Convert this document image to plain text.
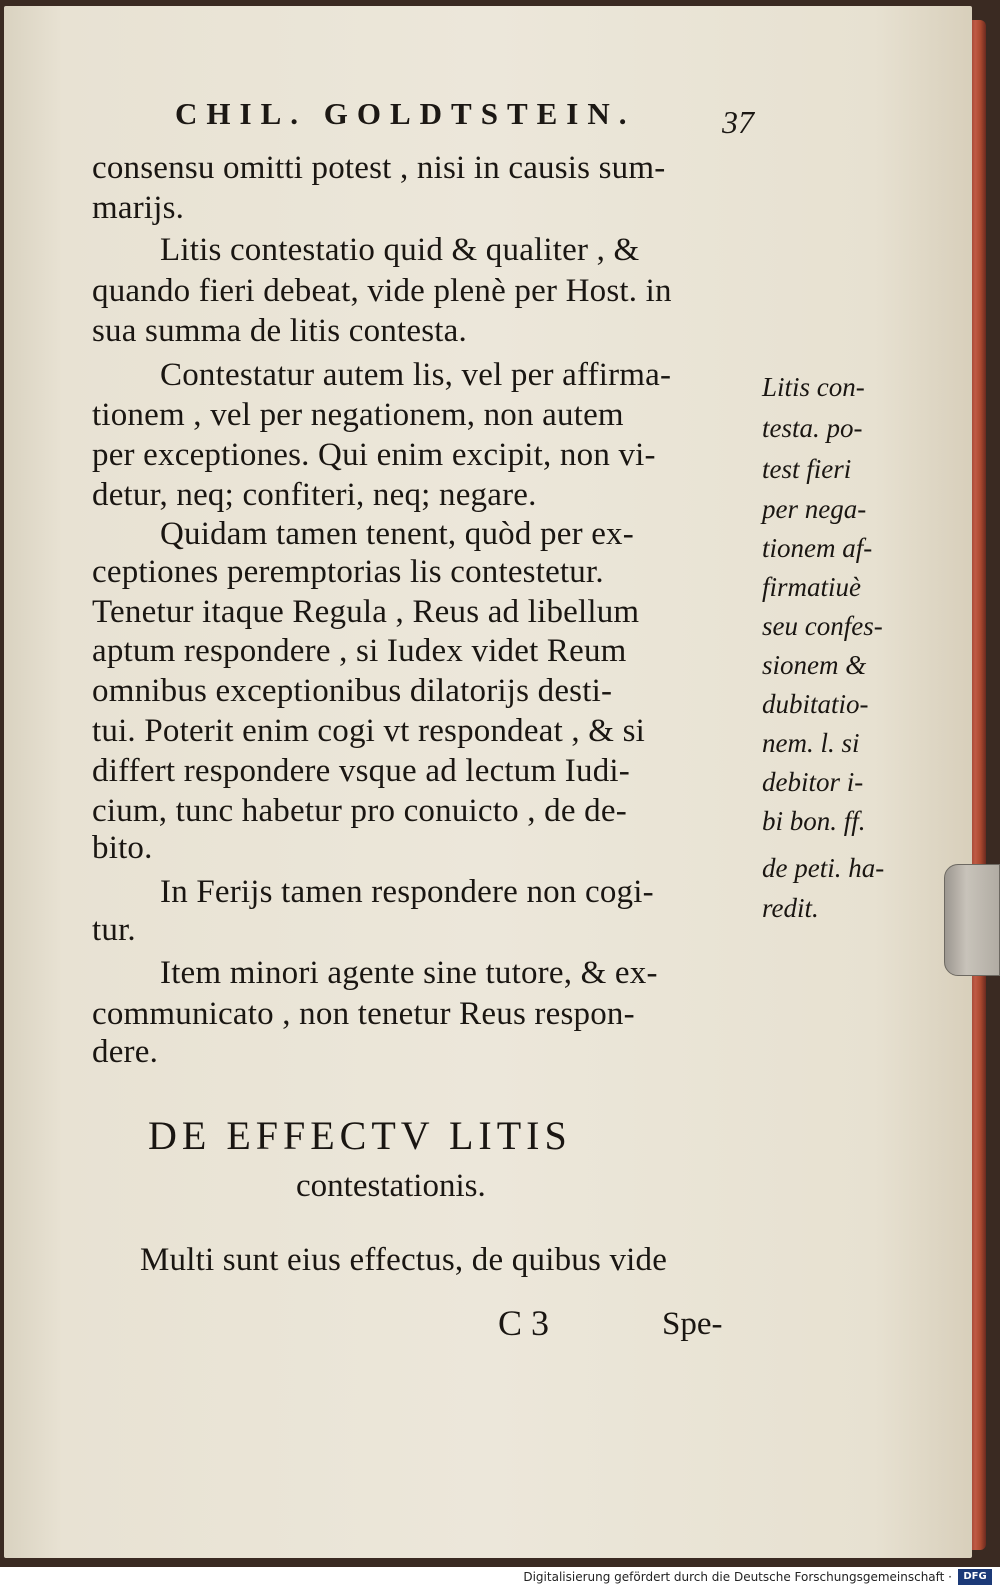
CHIL. GOLDTSTEIN.	37
consensu omitti potest , nisi in causis sum-
marijs.
Litis contestatio quid & qualiter , &
quando fieri debeat, vide plenè per Host. in
sua summa de litis contesta.
Contestatur autem lis, vel per affirma-
tionem , vel per negationem, non autem
per exceptiones. Qui enim excipit, non vi-
detur, neq; confiteri, neq; negare.
Quidam tamen tenent, quòd per ex-
ceptiones peremptorias lis contestetur.
Tenetur itaque Regula , Reus ad libellum
aptum respondere , si Iudex videt Reum
omnibus exceptionibus dilatorijs desti-
tui. Poterit enim cogi vt respondeat , & si
differt respondere vsque ad lectum Iudi-
cium, tunc habetur pro conuicto , de de-
bito.
In Ferijs tamen respondere non cogi-
tur.
Item minori agente sine tutore, & ex-
communicato , non tenetur Reus respon-
dere.
Litis con-
testa. po-
test fieri
per nega-
tionem af-
firmatiuè
seu confes-
sionem &
dubitatio-
nem. l. si
debitor i-
bi bon. ff.
de peti. ha-
redit.
DE EFFECTV LITIS
contestationis.
Multi sunt eius effectus, de quibus vide
C 3	Spe-
Digitalisierung gefördert durch die Deutsche Forschungsgemeinschaft ·	DFG
